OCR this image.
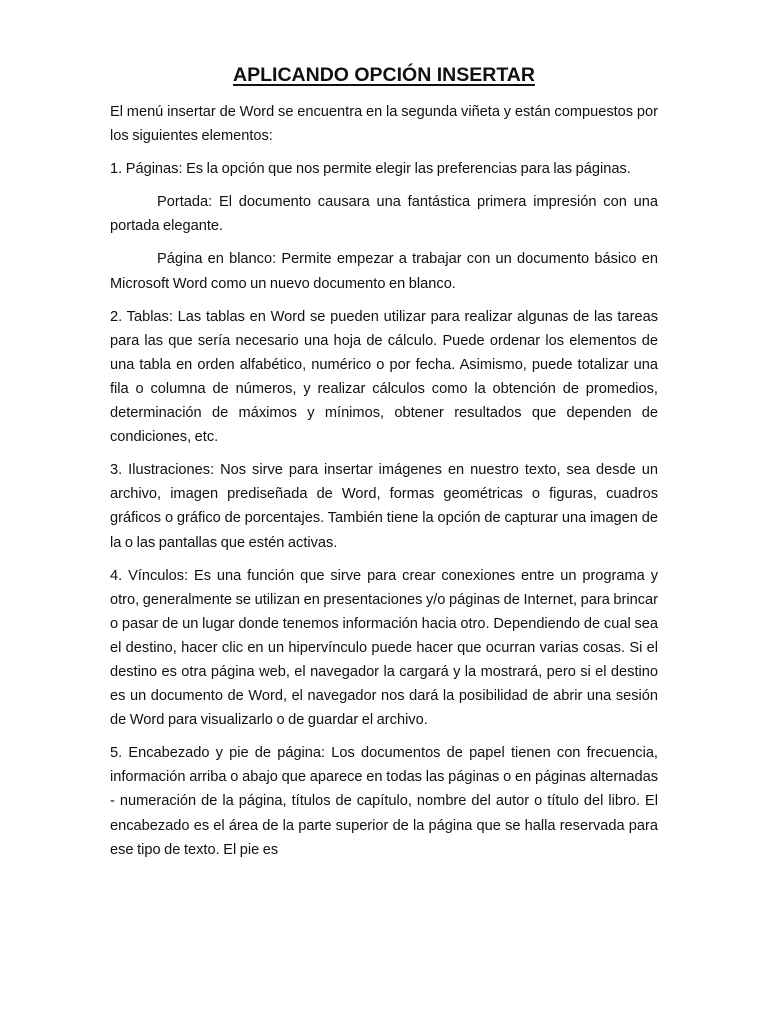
APLICANDO OPCIÓN INSERTAR

El menú insertar de Word se encuentra en la segunda viñeta y están compuestos por los siguientes elementos:

1. Páginas: Es la opción que nos permite elegir las preferencias para las páginas.

Portada: El documento causara una fantástica primera impresión con una portada elegante.

Página en blanco: Permite empezar a trabajar con un documento básico en Microsoft Word como un nuevo documento en blanco.

2. Tablas: Las tablas en Word se pueden utilizar para realizar algunas de las tareas para las que sería necesario una hoja de cálculo. Puede ordenar los elementos de una tabla en orden alfabético, numérico o por fecha. Asimismo, puede totalizar una fila o columna de números, y realizar cálculos como la obtención de promedios, determinación de máximos y mínimos, obtener resultados que dependen de condiciones, etc.

3. Ilustraciones: Nos sirve para insertar imágenes en nuestro texto, sea desde un archivo, imagen prediseñada de Word, formas geométricas o figuras, cuadros gráficos o gráfico de porcentajes. También tiene la opción de capturar una imagen de la o las pantallas que estén activas.

4. Vínculos: Es una función que sirve para crear conexiones entre un programa y otro, generalmente se utilizan en presentaciones y/o páginas de Internet, para brincar o pasar de un lugar donde tenemos información hacia otro. Dependiendo de cual sea el destino, hacer clic en un hipervínculo puede hacer que ocurran varias cosas. Si el destino es otra página web, el navegador la cargará y la mostrará, pero si el destino es un documento de Word, el navegador nos dará la posibilidad de abrir una sesión de Word para visualizarlo o de guardar el archivo.

5. Encabezado y pie de página: Los documentos de papel tienen con frecuencia, información arriba o abajo que aparece en todas las páginas o en páginas alternadas - numeración de la página, títulos de capítulo, nombre del autor o título del libro. El encabezado es el área de la parte superior de la página que se halla reservada para ese tipo de texto. El pie es
